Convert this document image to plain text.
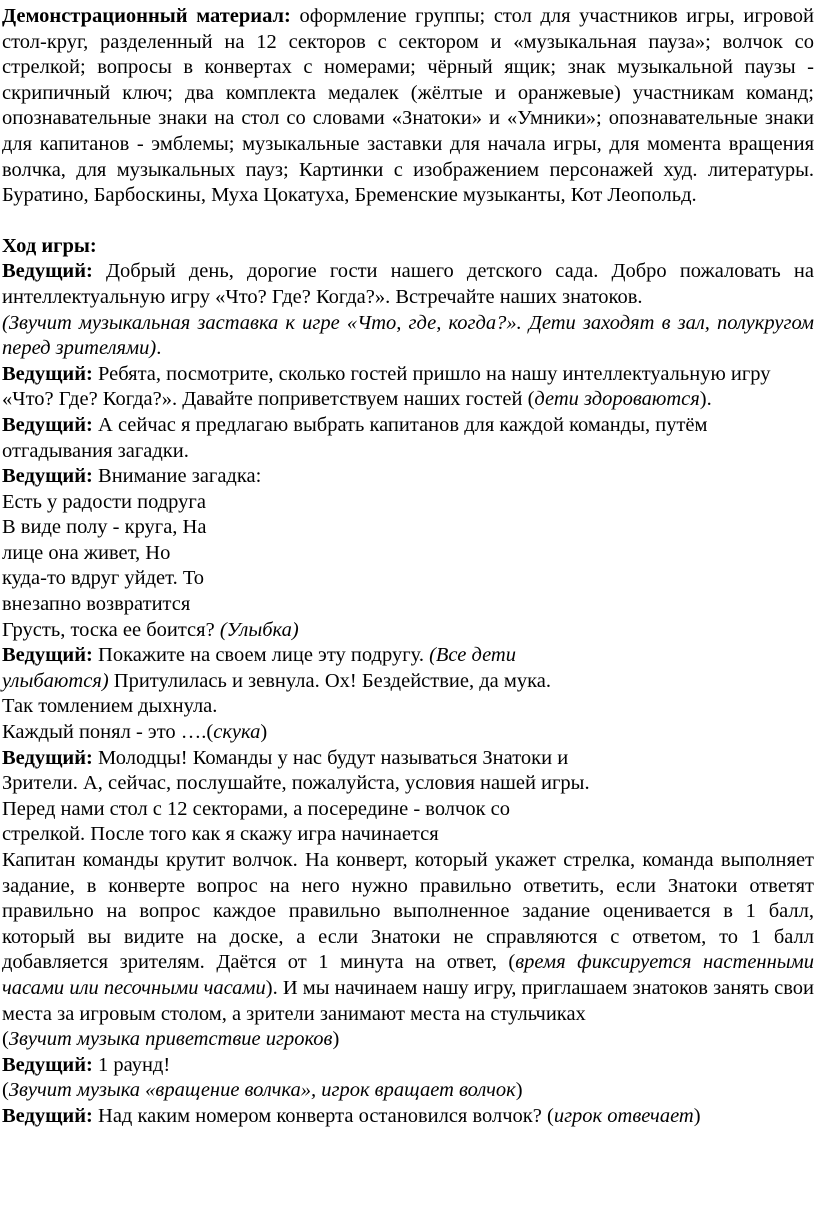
Демонстрационный материал: оформление группы; стол для участников игры, игровой стол-круг, разделенный на 12 секторов с сектором и «музыкальная пауза»; волчок со стрелкой; вопросы в конвертах с номерами; чёрный ящик; знак музыкальной паузы - скрипичный ключ; два комплекта медалек (жёлтые и оранжевые) участникам команд; опознавательные знаки на стол со словами «Знатоки» и «Умники»; опознавательные знаки для капитанов - эмблемы; музыкальные заставки для начала игры, для момента вращения волчка, для музыкальных пауз; Картинки с изображением персонажей худ. литературы. Буратино, Барбоскины, Муха Цокатуха, Бременские музыканты, Кот Леопольд.

Ход игры:

Ведущий: Добрый день, дорогие гости нашего детского сада. Добро пожаловать на интеллектуальную игру «Что? Где? Когда?». Встречайте наших знатоков.

(Звучит музыкальная заставка к игре «Что, где, когда?». Дети заходят в зал, полукругом перед зрителями).

Ведущий: Ребята, посмотрите, сколько гостей пришло на нашу интеллектуальную игру «Что? Где? Когда?». Давайте поприветствуем наших гостей (дети здороваются).

Ведущий: А сейчас я предлагаю выбрать капитанов для каждой команды, путём отгадывания загадки.

Ведущий: Внимание загадка:

Есть у радости подруга

В виде полу - круга, На

лице она живет, Но

куда-то вдруг уйдет. То

внезапно возвратится

Грусть, тоска ее боится? (Улыбка)

Ведущий: Покажите на своем лице эту подругу. (Все дети

улыбаются) Притулилась и зевнула. Ох! Бездействие, да мука.

Так томлением дыхнула.

Каждый понял - это ….(скука)

Ведущий: Молодцы! Команды у нас будут называться Знатоки и

Зрители. А, сейчас, послушайте, пожалуйста, условия нашей игры.

Перед нами стол с 12 секторами, а посередине - волчок со

стрелкой. После того как я скажу игра начинается

Капитан команды крутит волчок. На конверт, который укажет стрелка, команда выполняет задание, в конверте вопрос на него нужно правильно ответить, если Знатоки ответят правильно на вопрос каждое правильно выполненное задание оценивается в 1 балл, который вы видите на доске, а если Знатоки не справляются с ответом, то 1 балл добавляется зрителям. Даётся от 1 минута на ответ, (время фиксируется настенными часами или песочными часами). И мы начинаем нашу игру, приглашаем знатоков занять свои места за игровым столом, а зрители занимают места на стульчиках

(Звучит музыка приветствие игроков)

Ведущий: 1 раунд!

(Звучит музыка «вращение волчка», игрок вращает волчок)

Ведущий: Над каким номером конверта остановился волчок? (игрок отвечает)
